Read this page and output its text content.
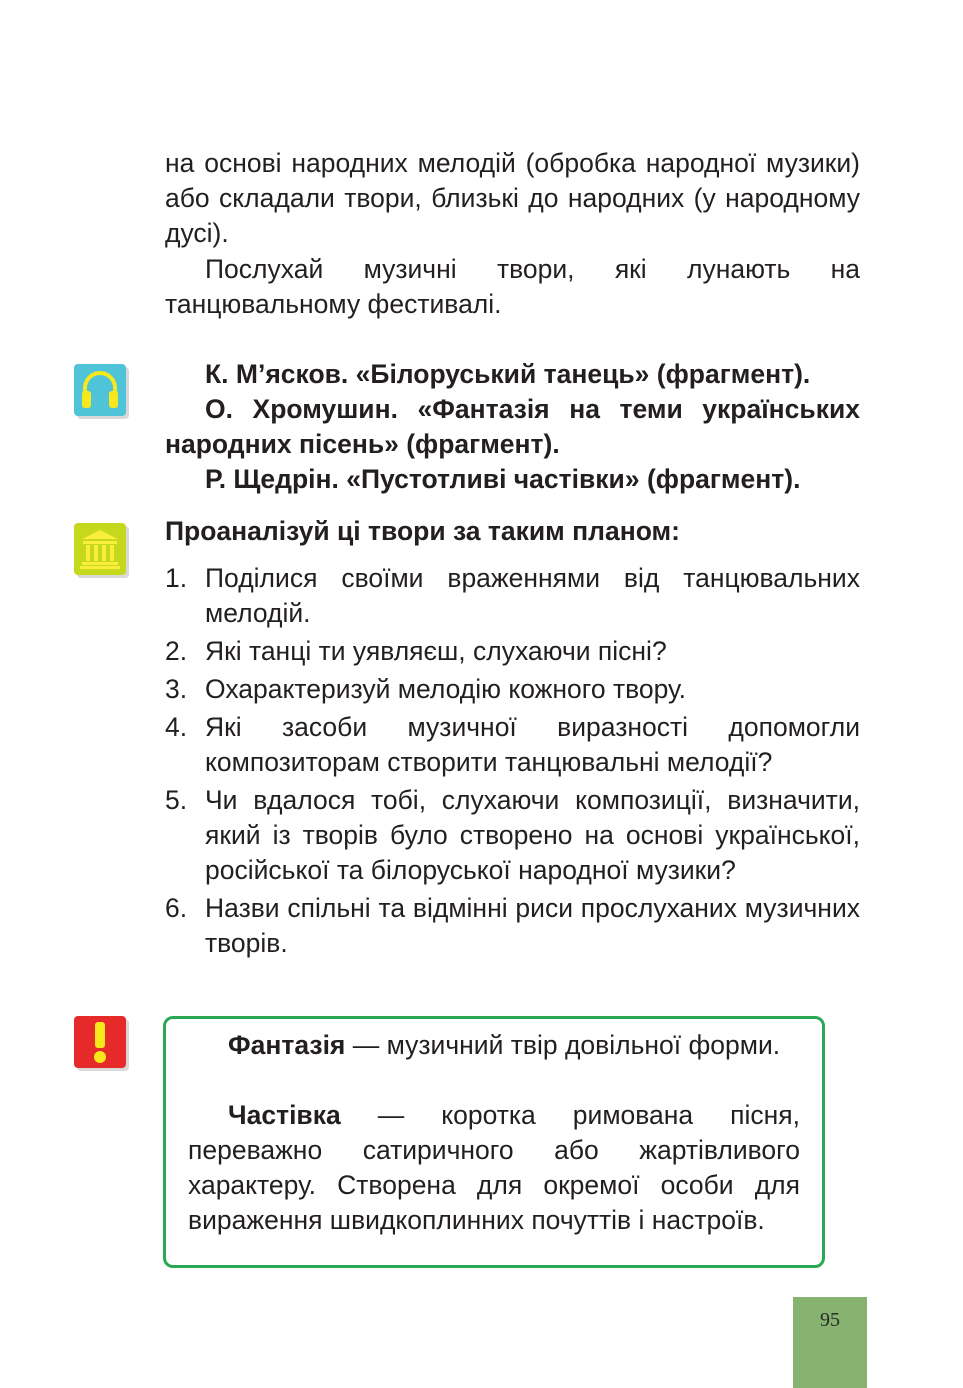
на основі народних мелодій (обробка народної музики) або складали твори, близькі до народних (у народному дусі).

Послухай музичні твори, які лунають на танцювальному фестивалі.

К. М’ясков. «Білоруський танець» (фрагмент).

О. Хромушин. «Фантазія на теми українських народних пісень» (фрагмент).

Р. Щедрін. «Пустотливі частівки» (фрагмент).

Проаналізуй ці твори за таким планом:

1. Поділися своїми враженнями від танцювальних мелодій.
2. Які танці ти уявляєш, слухаючи пісні?
3. Охарактеризуй мелодію кожного твору.
4. Які засоби музичної виразності допомогли композиторам створити танцювальні мелодії?
5. Чи вдалося тобі, слухаючи композиції, визначити, який із творів було створено на основі української, російської та білоруської народної музики?
6. Назви спільні та відмінні риси прослуханих музичних творів.

Фантазія — музичний твір довільної форми.

Частівка — коротка римована пісня, переважно сатиричного або жартівливого характеру. Створена для окремої особи для вираження швидкоплинних почуттів і настроїв.

95
